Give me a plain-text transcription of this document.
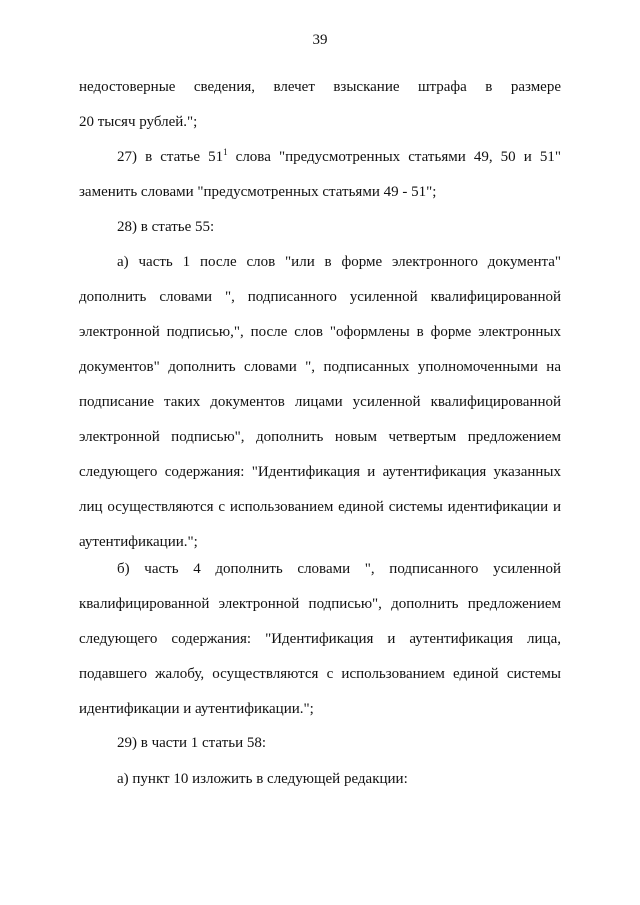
39
недостоверные сведения, влечет взыскание штрафа в размере
20 тысяч рублей.";
27) в статье $51^1$ слова "предусмотренных статьями 49, 50 и 51"
заменить словами "предусмотренных статьями 49 - 51";
28) в статье 55:
а) часть 1 после слов "или в форме электронного документа"
дополнить словами ", подписанного усиленной квалифицированной
электронной подписью,", после слов "оформлены в форме электронных
документов" дополнить словами ", подписанных уполномоченными на
подписание таких документов лицами усиленной квалифицированной
электронной подписью", дополнить новым четвертым предложением
следующего содержания: "Идентификация и аутентификация указанных
лиц осуществляются с использованием единой системы идентификации и
аутентификации.";
б) часть 4 дополнить словами ", подписанного усиленной
квалифицированной электронной подписью", дополнить предложением
следующего содержания: "Идентификация и аутентификация лица,
подавшего жалобу, осуществляются с использованием единой системы
идентификации и аутентификации.";
29) в части 1 статьи 58:
а) пункт 10 изложить в следующей редакции:
